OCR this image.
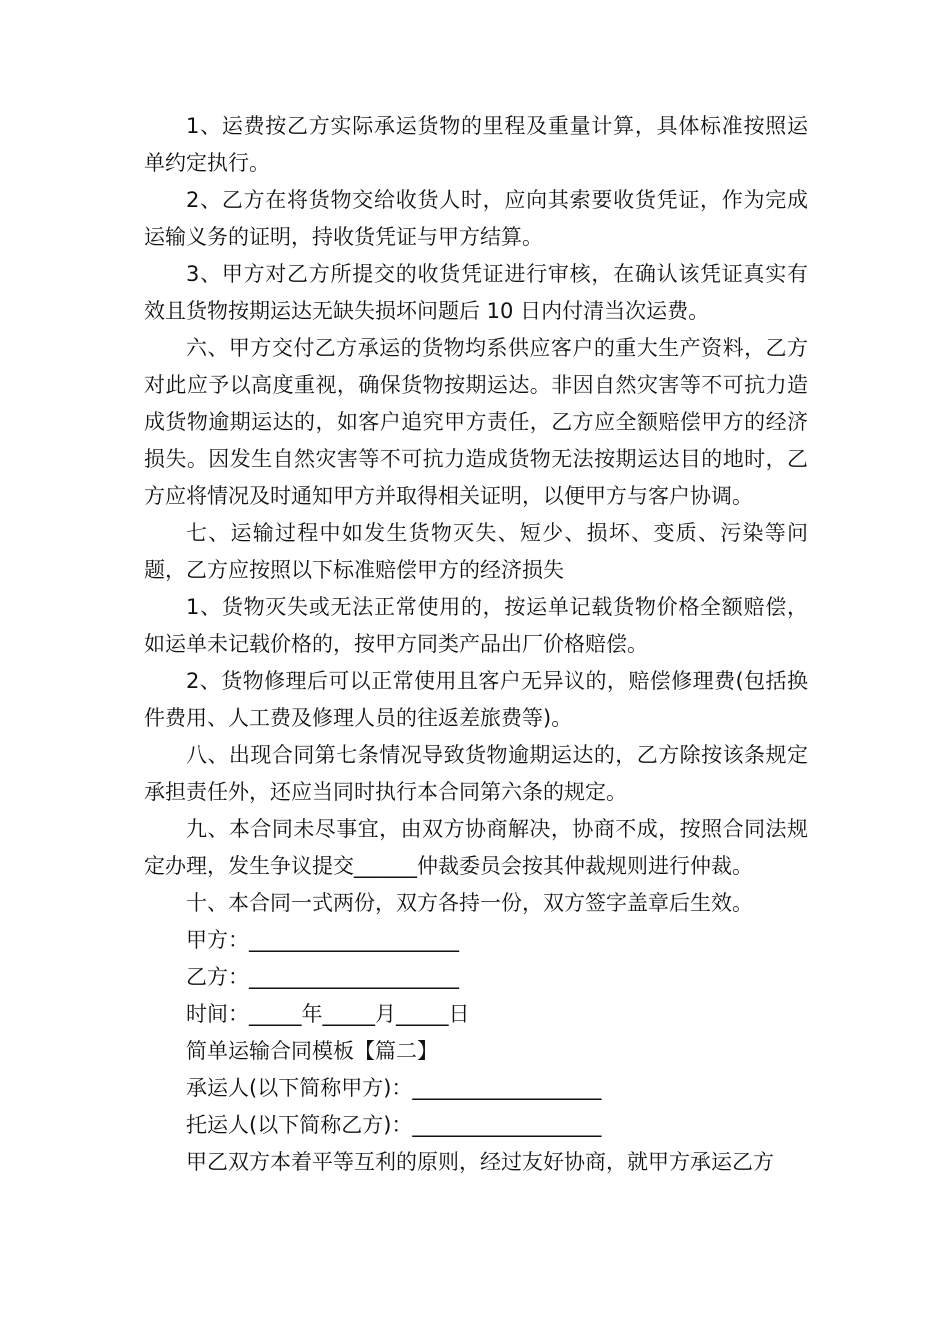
1、运费按乙方实际承运货物的里程及重量计算，具体标准按照运单约定执行。

2、乙方在将货物交给收货人时，应向其索要收货凭证，作为完成运输义务的证明，持收货凭证与甲方结算。

3、甲方对乙方所提交的收货凭证进行审核，在确认该凭证真实有效且货物按期运达无缺失损坏问题后 10 日内付清当次运费。

六、甲方交付乙方承运的货物均系供应客户的重大生产资料，乙方对此应予以高度重视，确保货物按期运达。非因自然灾害等不可抗力造成货物逾期运达的，如客户追究甲方责任，乙方应全额赔偿甲方的经济损失。因发生自然灾害等不可抗力造成货物无法按期运达目的地时，乙方应将情况及时通知甲方并取得相关证明，以便甲方与客户协调。

七、运输过程中如发生货物灭失、短少、损坏、变质、污染等问题，乙方应按照以下标准赔偿甲方的经济损失

1、货物灭失或无法正常使用的，按运单记载货物价格全额赔偿，如运单未记载价格的，按甲方同类产品出厂价格赔偿。

2、货物修理后可以正常使用且客户无异议的，赔偿修理费(包括换件费用、人工费及修理人员的往返差旅费等)。

八、出现合同第七条情况导致货物逾期运达的，乙方除按该条规定承担责任外，还应当同时执行本合同第六条的规定。

九、本合同未尽事宜，由双方协商解决，协商不成，按照合同法规定办理，发生争议提交______仲裁委员会按其仲裁规则进行仲裁。

十、本合同一式两份，双方各持一份，双方签字盖章后生效。

甲方：____________________

乙方：____________________

时间：_____年_____月_____日

简单运输合同模板【篇二】

承运人(以下简称甲方)：__________________

托运人(以下简称乙方)：__________________

甲乙双方本着平等互利的原则，经过友好协商，就甲方承运乙方
